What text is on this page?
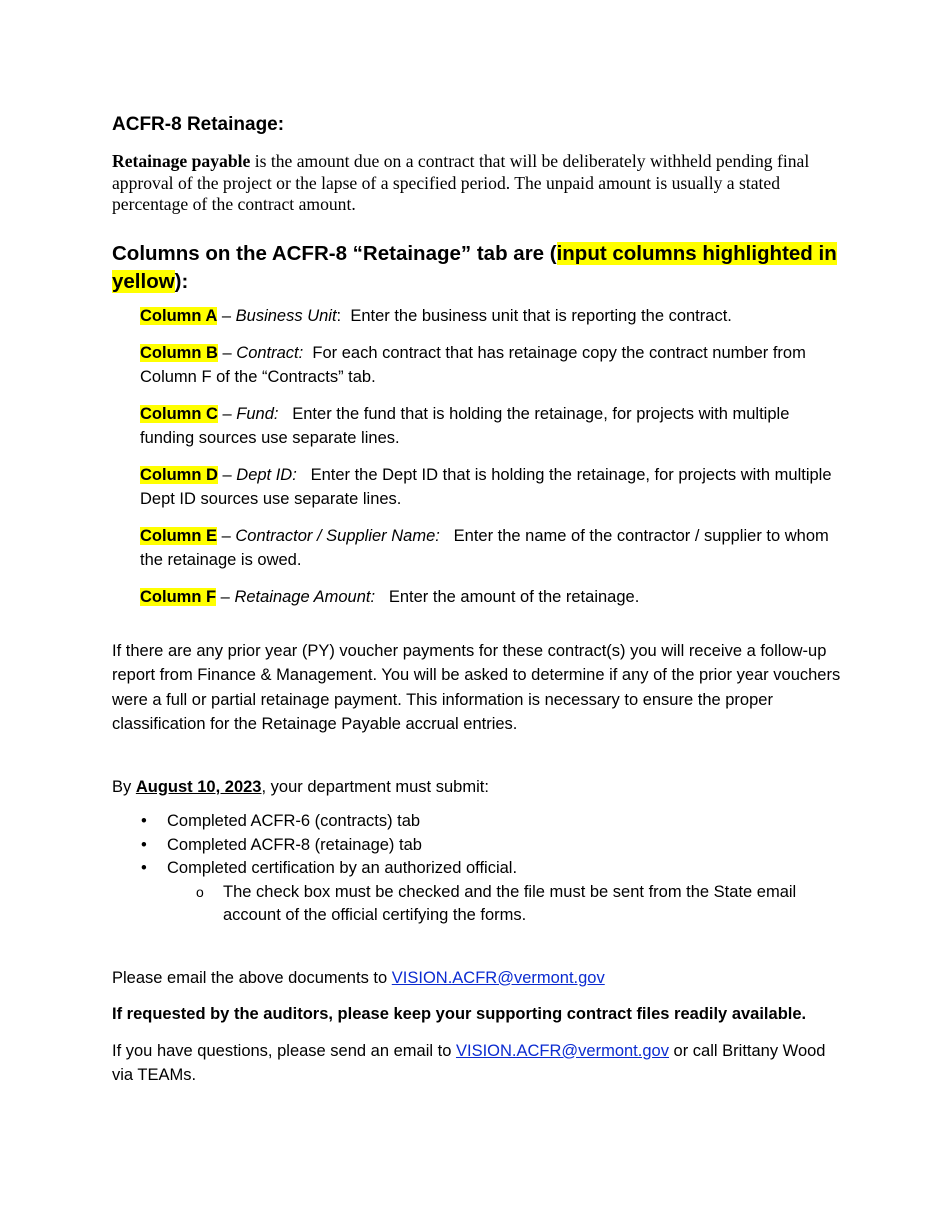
ACFR-8 Retainage:

Retainage payable is the amount due on a contract that will be deliberately withheld pending final approval of the project or the lapse of a specified period. The unpaid amount is usually a stated percentage of the contract amount.

Columns on the ACFR-8 “Retainage” tab are (input columns highlighted in yellow):
Column A – Business Unit:  Enter the business unit that is reporting the contract.
Column B – Contract: For each contract that has retainage copy the contract number from Column F of the “Contracts” tab.
Column C – Fund: Enter the fund that is holding the retainage, for projects with multiple funding sources use separate lines.
Column D – Dept ID: Enter the Dept ID that is holding the retainage, for projects with multiple Dept ID sources use separate lines.
Column E – Contractor / Supplier Name: Enter the name of the contractor / supplier to whom the retainage is owed.
Column F – Retainage Amount: Enter the amount of the retainage.

If there are any prior year (PY) voucher payments for these contract(s) you will receive a follow-up report from Finance & Management. You will be asked to determine if any of the prior year vouchers were a full or partial retainage payment. This information is necessary to ensure the proper classification for the Retainage Payable accrual entries.

By August 10, 2023, your department must submit:

• Completed ACFR-6 (contracts) tab
• Completed ACFR-8 (retainage) tab
• Completed certification by an authorized official.
o The check box must be checked and the file must be sent from the State email account of the official certifying the forms.

Please email the above documents to VISION.ACFR@vermont.gov

If requested by the auditors, please keep your supporting contract files readily available.

If you have questions, please send an email to VISION.ACFR@vermont.gov or call Brittany Wood via TEAMs.
